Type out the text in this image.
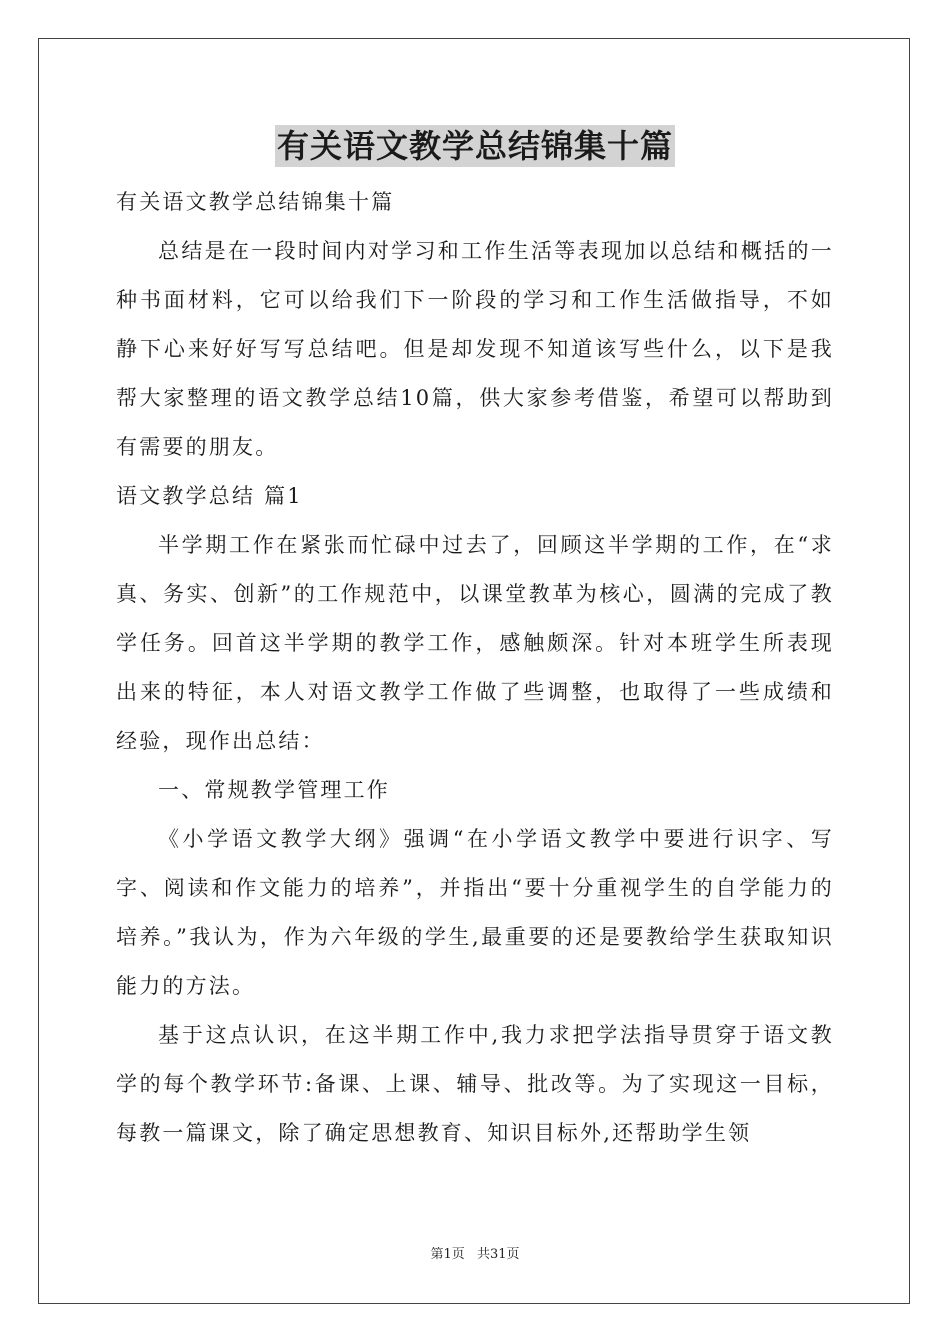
有关语文教学总结锦集十篇

有关语文教学总结锦集十篇

总结是在一段时间内对学习和工作生活等表现加以总结和概括的一种书面材料，它可以给我们下一阶段的学习和工作生活做指导，不如静下心来好好写写总结吧。但是却发现不知道该写些什么，以下是我帮大家整理的语文教学总结10篇，供大家参考借鉴，希望可以帮助到有需要的朋友。

语文教学总结 篇1

半学期工作在紧张而忙碌中过去了，回顾这半学期的工作，在“求真、务实、创新”的工作规范中，以课堂教革为核心，圆满的完成了教学任务。回首这半学期的教学工作，感触颇深。针对本班学生所表现出来的特征，本人对语文教学工作做了些调整，也取得了一些成绩和经验，现作出总结：

一、常规教学管理工作

《小学语文教学大纲》强调“在小学语文教学中要进行识字、写字、阅读和作文能力的培养”，并指出“要十分重视学生的自学能力的培养。”我认为，作为六年级的学生,最重要的还是要教给学生获取知识能力的方法。

基于这点认识，在这半期工作中,我力求把学法指导贯穿于语文教学的每个教学环节:备课、上课、辅导、批改等。为了实现这一目标，每教一篇课文，除了确定思想教育、知识目标外,还帮助学生领

第1页 共31页
